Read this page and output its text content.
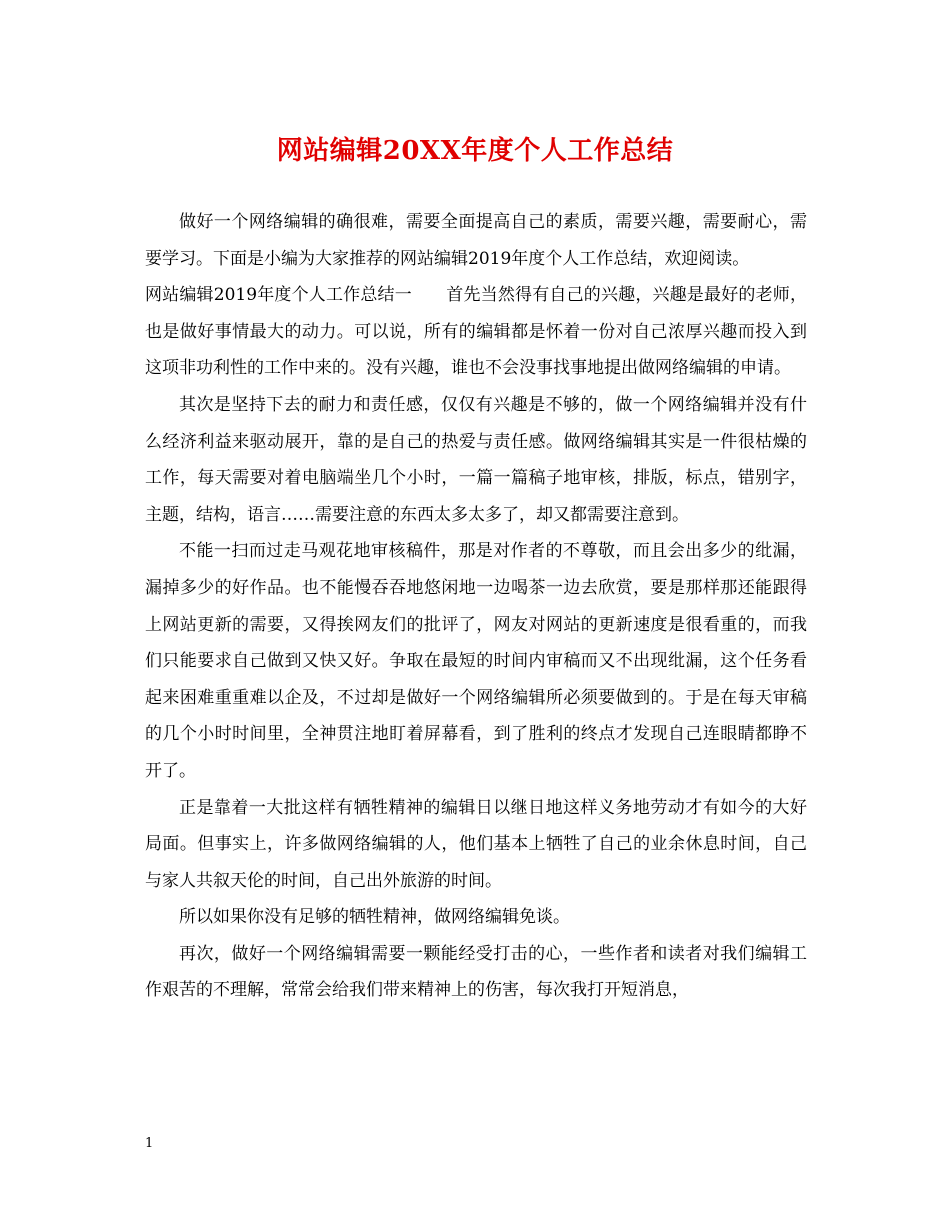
网站编辑20XX年度个人工作总结

做好一个网络编辑的确很难，需要全面提高自己的素质，需要兴趣，需要耐心，需要学习。下面是小编为大家推荐的网站编辑2019年度个人工作总结，欢迎阅读。

网站编辑2019年度个人工作总结一　　首先当然得有自己的兴趣，兴趣是最好的老师，也是做好事情最大的动力。可以说，所有的编辑都是怀着一份对自己浓厚兴趣而投入到这项非功利性的工作中来的。没有兴趣，谁也不会没事找事地提出做网络编辑的申请。

其次是坚持下去的耐力和责任感，仅仅有兴趣是不够的，做一个网络编辑并没有什么经济利益来驱动展开，靠的是自己的热爱与责任感。做网络编辑其实是一件很枯燥的工作，每天需要对着电脑端坐几个小时，一篇一篇稿子地审核，排版，标点，错别字，主题，结构，语言……需要注意的东西太多太多了，却又都需要注意到。

不能一扫而过走马观花地审核稿件，那是对作者的不尊敬，而且会出多少的纰漏，漏掉多少的好作品。也不能慢吞吞地悠闲地一边喝茶一边去欣赏，要是那样那还能跟得上网站更新的需要，又得挨网友们的批评了，网友对网站的更新速度是很看重的，而我们只能要求自己做到又快又好。争取在最短的时间内审稿而又不出现纰漏，这个任务看起来困难重重难以企及，不过却是做好一个网络编辑所必须要做到的。于是在每天审稿的几个小时时间里，全神贯注地盯着屏幕看，到了胜利的终点才发现自己连眼睛都睁不开了。

正是靠着一大批这样有牺牲精神的编辑日以继日地这样义务地劳动才有如今的大好局面。但事实上，许多做网络编辑的人，他们基本上牺牲了自己的业余休息时间，自己与家人共叙天伦的时间，自己出外旅游的时间。

所以如果你没有足够的牺牲精神，做网络编辑免谈。

再次，做好一个网络编辑需要一颗能经受打击的心，一些作者和读者对我们编辑工作艰苦的不理解，常常会给我们带来精神上的伤害，每次我打开短消息，

1
